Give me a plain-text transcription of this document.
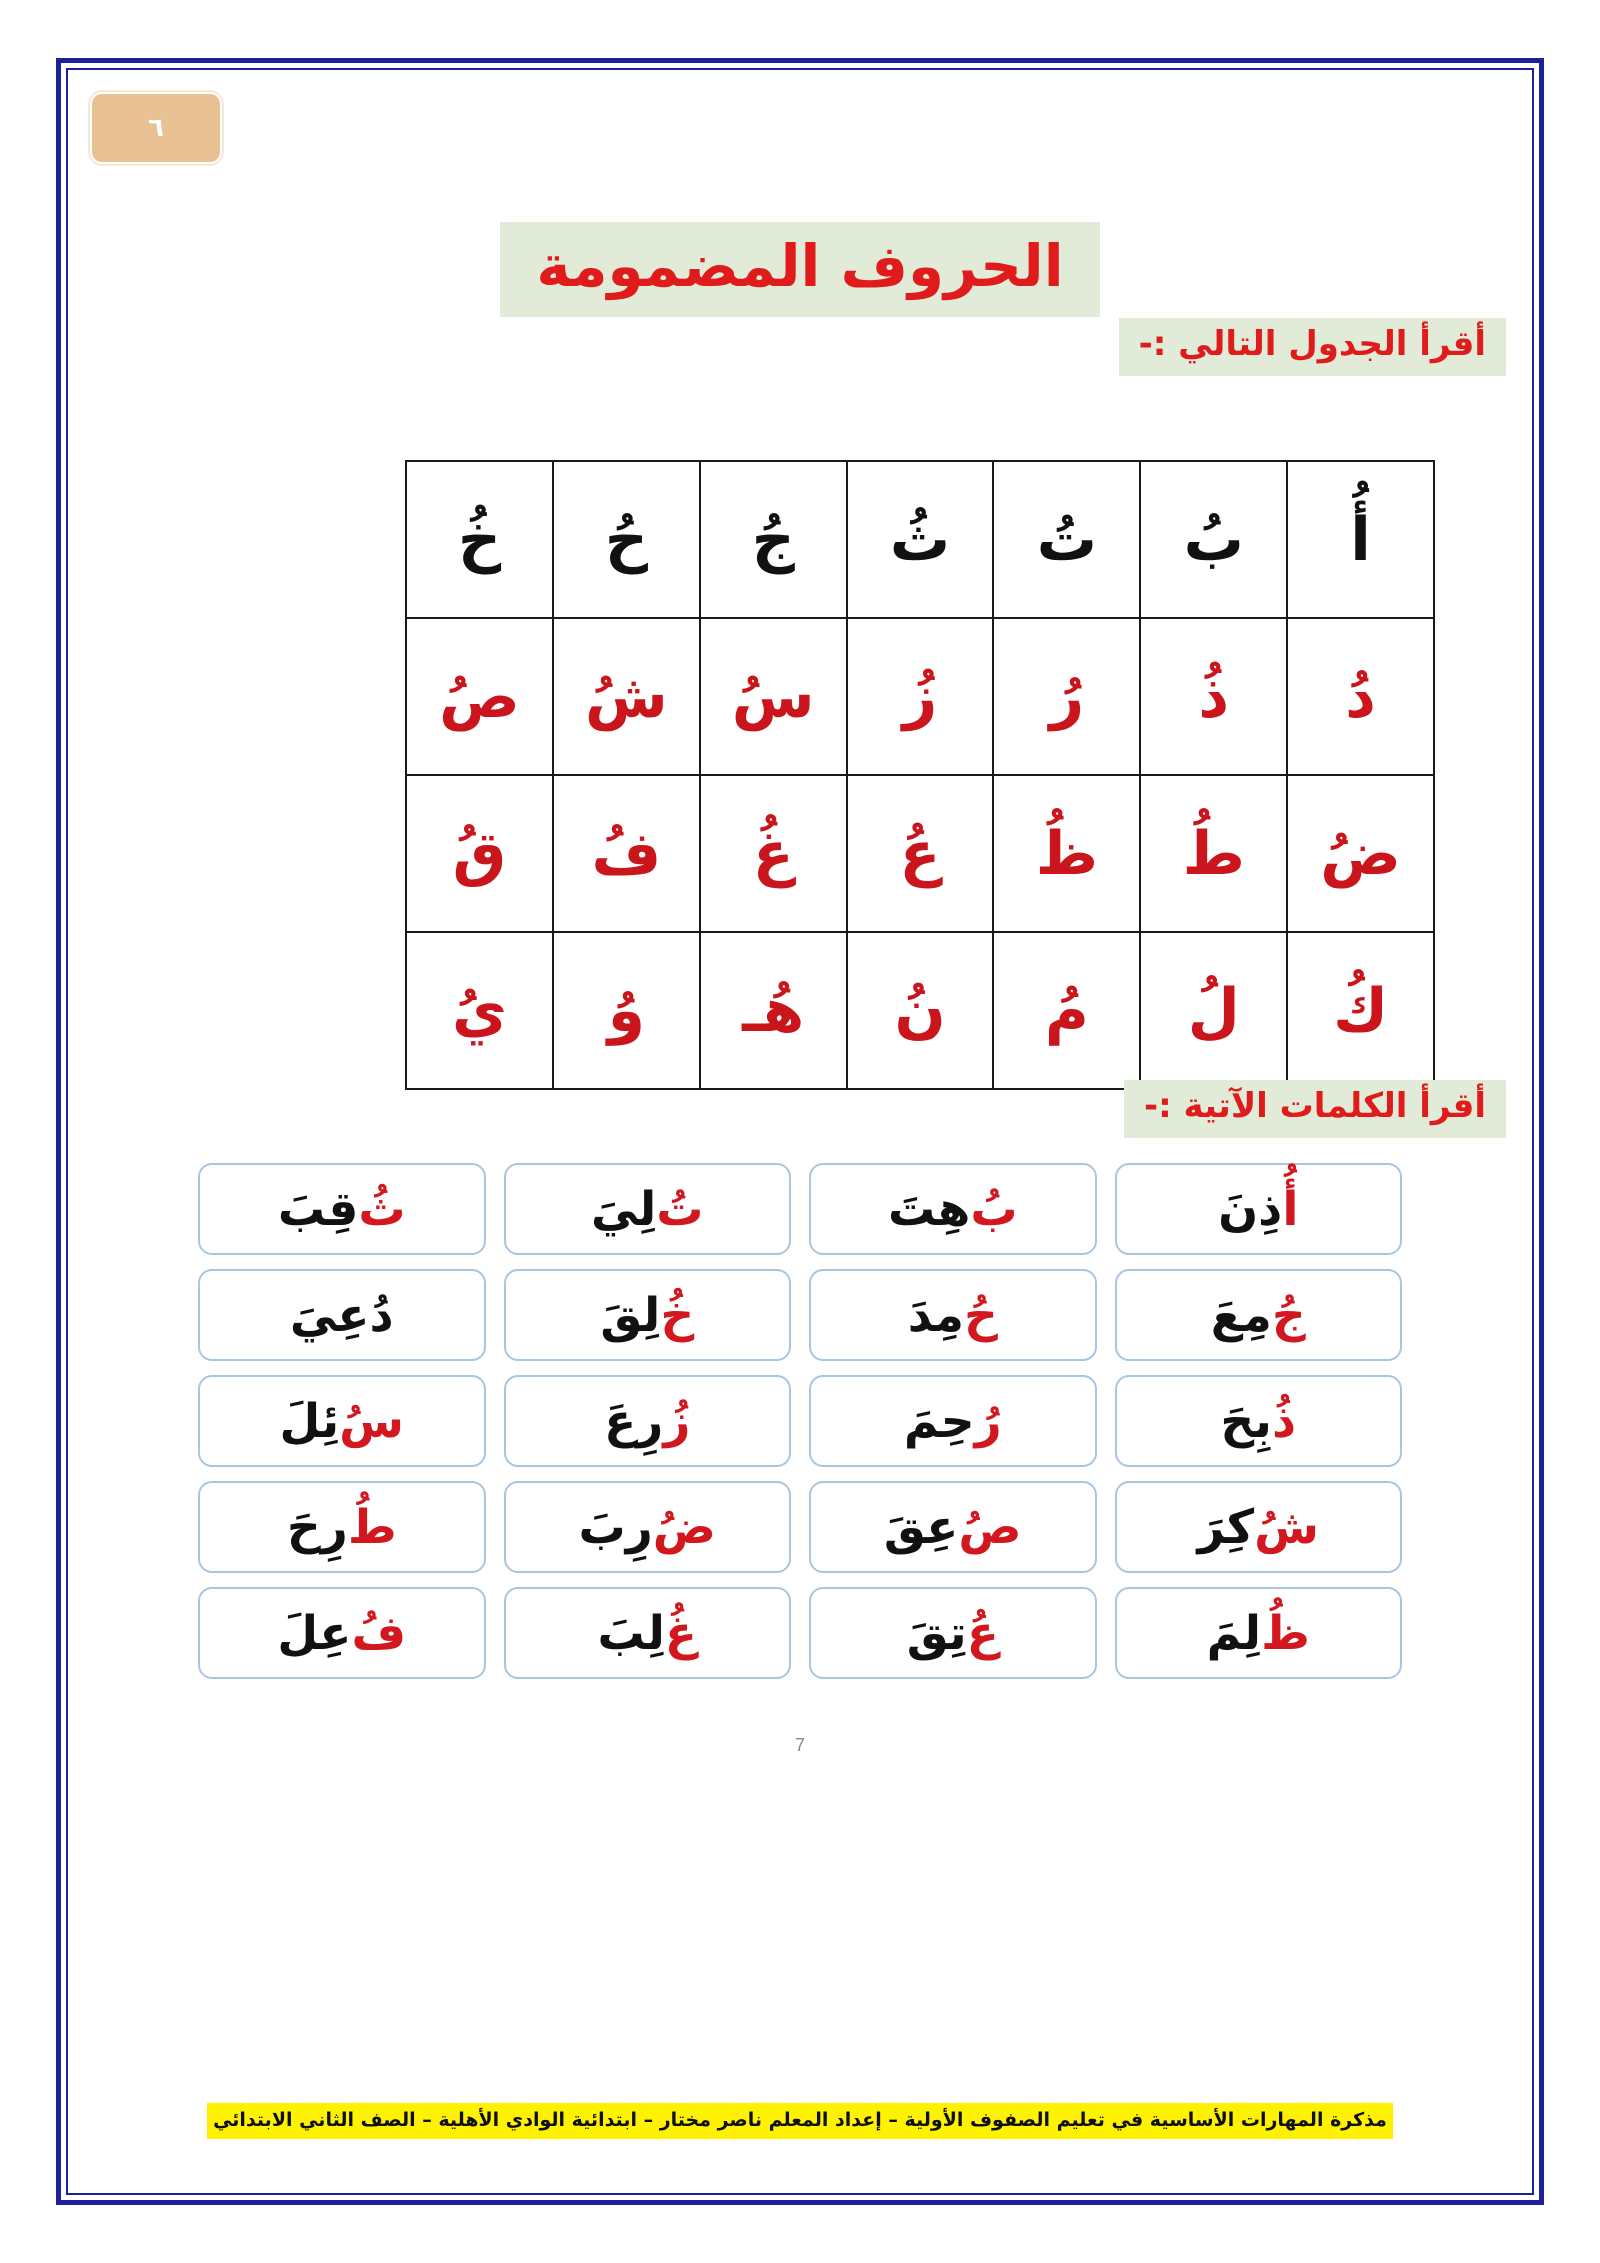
٦
الحروف المضمومة
أقرأ الجدول التالي :-
أُ	بُ	تُ	ثُ	جُ	حُ	خُ
دُ	ذُ	رُ	زُ	سُ	شُ	صُ
ضُ	طُ	ظُ	عُ	غُ	فُ	قُ
كُ	لُ	مُ	نُ	هُـ	وُ	يُ
أقرأ الكلمات الآتية :-
أُ
ذِنَ
بُ
هِتَ
تُ
لِيَ
ثُ
قِبَ
جُ
مِعَ
حُ
مِدَ
خُ
لِقَ
دُ
عِيَ
ذُ
بِحَ
رُ
حِمَ
زُ
رِعَ
سُ
ئِلَ
شُ
كِرَ
صُ
عِقَ
ضُ
رِبَ
طُ
رِحَ
ظُ
لِمَ
عُ
تِقَ
غُ
لِبَ
فُ
عِلَ
7
مذكرة المهارات الأساسية في تعليم الصفوف الأولية – إعداد المعلم ناصر مختار – ابتدائية الوادي الأهلية – الصف الثاني الابتدائي
